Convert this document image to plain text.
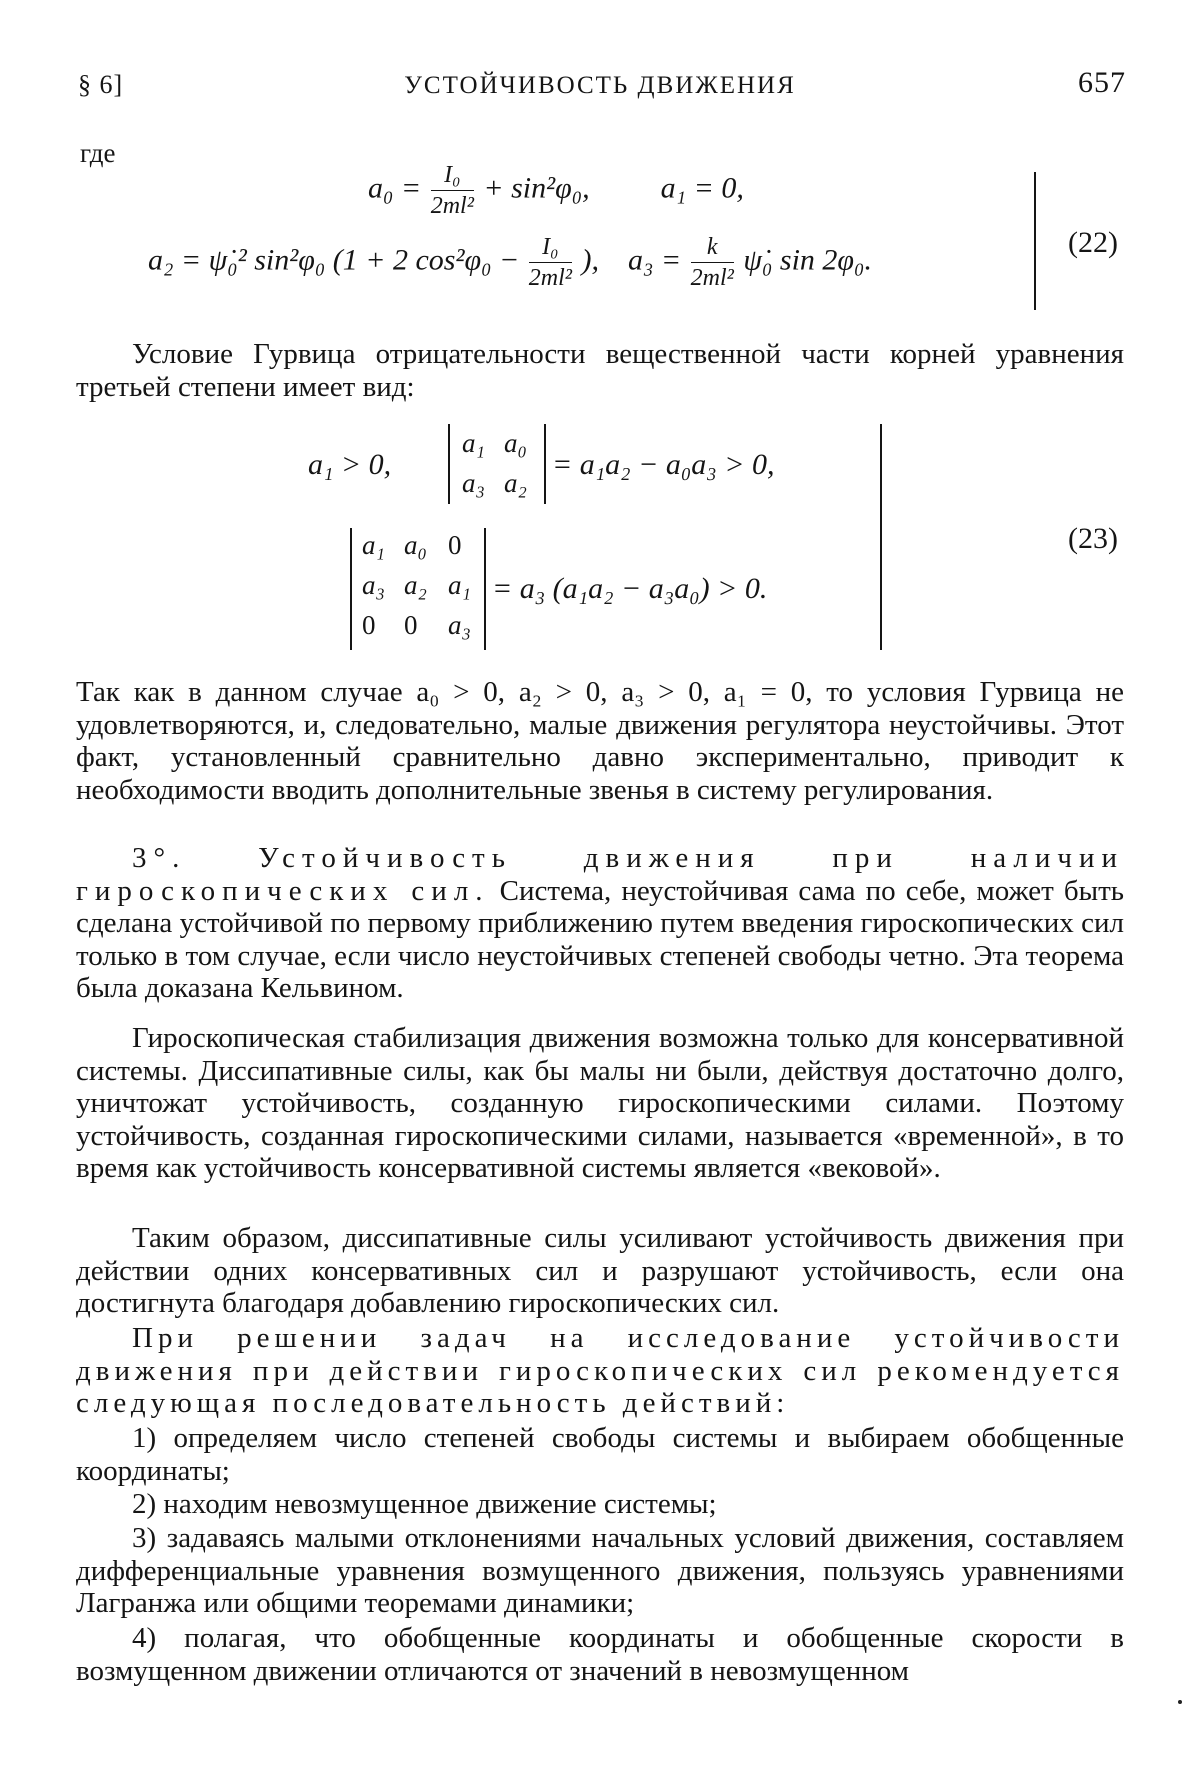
УСТОЙЧИВОСТЬ ДВИЖЕНИЯ
§ 6]	657
где
$a_0 = \frac{\text{I₀}}{\text{2ml²}} + \sin^2\varphi_0$, a₁ = 0,
a₂ = ψ̇₀² sin²φ₀ (1 + 2 $\cos^2\varphi_0 - \frac{\text{I₀}}{\text{2ml²}}$ ), $a_3 = \frac{k}{\text{2ml²}}$ ψ̇₀ sin 2φ₀.
(22)
Условие Гурвица отрицательности вещественной части корней уравнения третьей степени имеет вид:
a₁ > 0,
a₁ a₀
a₃ a₂
= a₁a₂ − a₀a₃ > 0,
a₁ a₀ 0
a₃ a₂ a₁
0 0 a₃
= a₃ (a₁a₂ − a₃a₀) > 0.
(23)
Так как в данном случае a₀ > 0, a₂ > 0, a₃ > 0, a₁ = 0, то условия Гурвица не удовлетворяются, и, следовательно, малые движения регулятора неустойчивы. Этот факт, установленный сравнительно давно экспериментально, приводит к необходимости вводить дополнительные звенья в систему регулирования.
3°. Устойчивость движения при наличии гироскопических сил. Система, неустойчивая сама по себе, может быть сделана устойчивой по первому приближению путем введения гироскопических сил только в том случае, если число неустойчивых степеней свободы четно. Эта теорема была доказана Кельвином.
Гироскопическая стабилизация движения возможна только для консервативной системы. Диссипативные силы, как бы малы ни были, действуя достаточно долго, уничтожат устойчивость, созданную гироскопическими силами. Поэтому устойчивость, созданная гироскопическими силами, называется «временной», в то время как устойчивость консервативной системы является «вековой».
Таким образом, диссипативные силы усиливают устойчивость движения при действии одних консервативных сил и разрушают устойчивость, если она достигнута благодаря добавлению гироскопических сил.
При решении задач на исследование устойчивости движения при действии гироскопических сил рекомендуется следующая последовательность действий:
1) определяем число степеней свободы системы и выбираем обобщенные координаты;
2) находим невозмущенное движение системы;
3) задаваясь малыми отклонениями начальных условий движения, составляем дифференциальные уравнения возмущенного движения, пользуясь уравнениями Лагранжа или общими теоремами динамики;
4) полагая, что обобщенные координаты и обобщенные скорости в возмущенном движении отличаются от значений в невозмущенном
